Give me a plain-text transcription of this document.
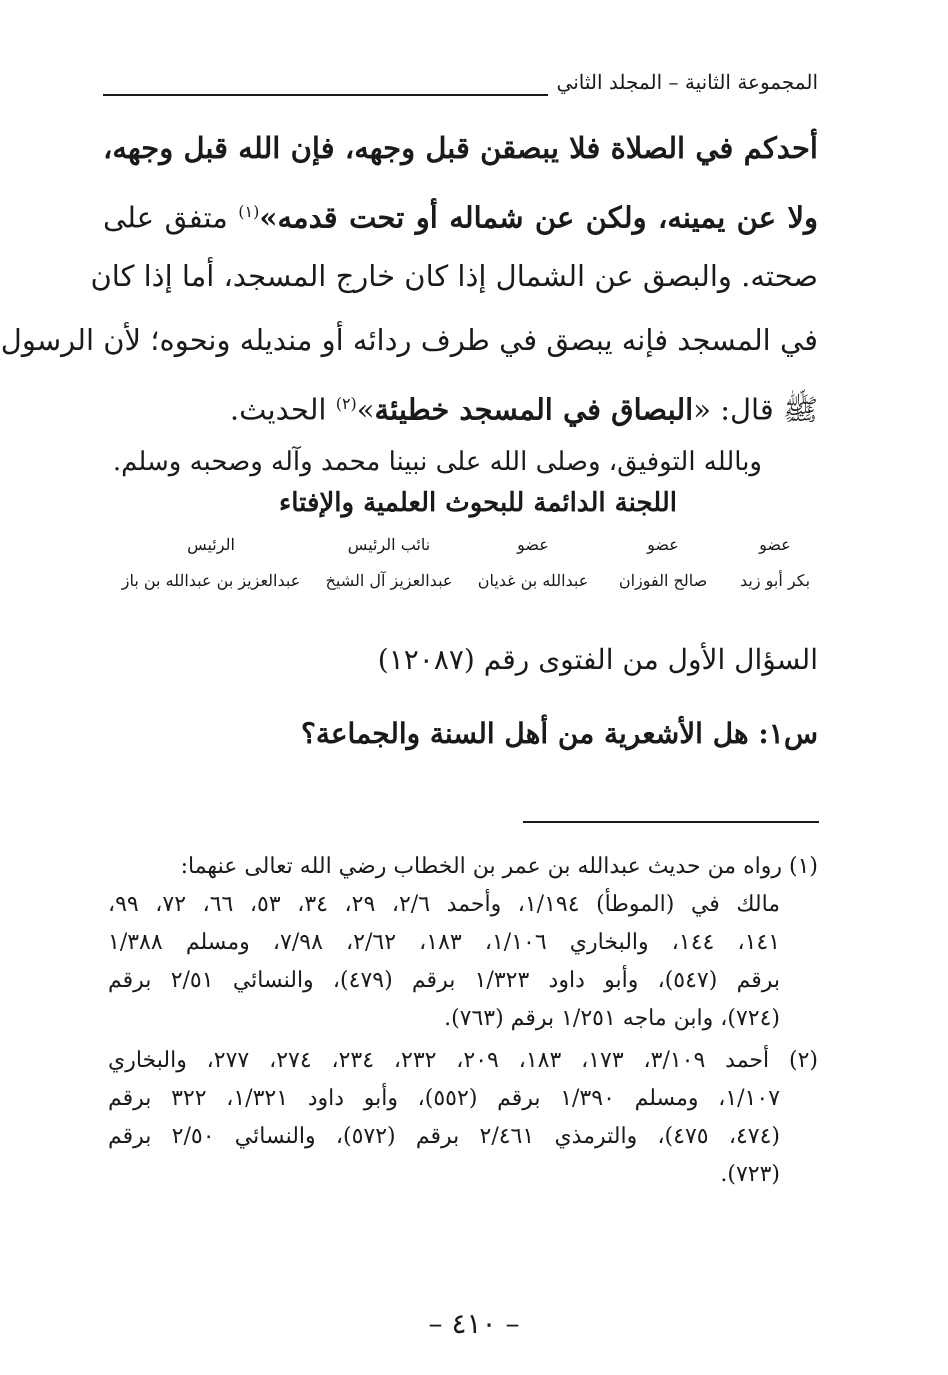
المجموعة الثانية – المجلد الثاني
أحدكم في الصلاة فلا يبصقن قبل وجهه، فإن الله قبل وجهه،
ولا عن يمينه، ولكن عن شماله أو تحت قدمه»$^{(١)}$ متفق على
صحته. والبصق عن الشمال إذا كان خارج المسجد، أما إذا كان
في المسجد فإنه يبصق في طرف ردائه أو منديله ونحوه؛ لأن الرسول
ﷺ قال: «البصاق في المسجد خطيئة»$^{(٢)}$ الحديث.
وبالله التوفيق، وصلى الله على نبينا محمد وآله وصحبه وسلم.
اللجنة الدائمة للبحوث العلمية والإفتاء
عضو
بكر أبو زيد
عضو
صالح الفوزان
عضو
عبدالله بن غديان
نائب الرئيس
عبدالعزيز آل الشيخ
الرئيس
عبدالعزيز بن عبدالله بن باز
السؤال الأول من الفتوى رقم (١٢٠٨٧)
س١: هل الأشعرية من أهل السنة والجماعة؟
(١) رواه من حديث عبدالله بن عمر بن الخطاب رضي الله تعالى عنهما:
مالك في (الموطأ) ١/١٩٤، وأحمد ٢/٦، ٢٩، ٣٤، ٥٣، ٦٦، ٧٢، ٩٩،
١٤١، ١٤٤، والبخاري ١/١٠٦، ١٨٣، ٢/٦٢، ٧/٩٨، ومسلم ١/٣٨٨
برقم (٥٤٧)، وأبو داود ١/٣٢٣ برقم (٤٧٩)، والنسائي ٢/٥١ برقم
(٧٢٤)، وابن ماجه ١/٢٥١ برقم (٧٦٣).
(٢) أحمد ٣/١٠٩، ١٧٣، ١٨٣، ٢٠٩، ٢٣٢، ٢٣٤، ٢٧٤، ٢٧٧، والبخاري
١/١٠٧، ومسلم ١/٣٩٠ برقم (٥٥٢)، وأبو داود ١/٣٢١، ٣٢٢ برقم
(٤٧٤، ٤٧٥)، والترمذي ٢/٤٦١ برقم (٥٧٢)، والنسائي ٢/٥٠ برقم
(٧٢٣).
– ٤١٠ –
